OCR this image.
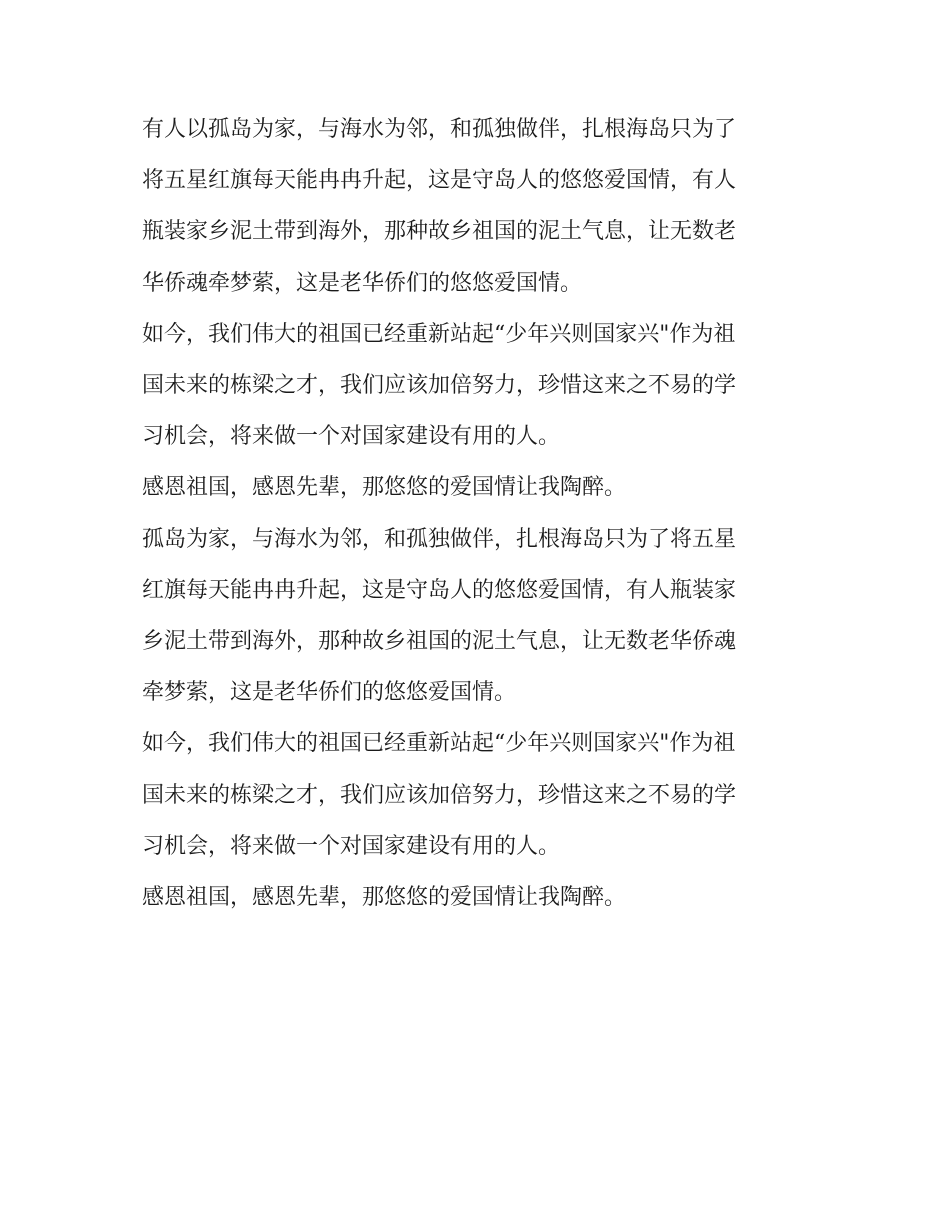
有人以孤岛为家，与海水为邻，和孤独做伴，扎根海岛只为了
将五星红旗每天能冉冉升起，这是守岛人的悠悠爱国情，有人
瓶装家乡泥土带到海外，那种故乡祖国的泥土气息，让无数老
华侨魂牵梦萦，这是老华侨们的悠悠爱国情。

如今，我们伟大的祖国已经重新站起“少年兴则国家兴"作为祖
国未来的栋梁之才，我们应该加倍努力，珍惜这来之不易的学
习机会，将来做一个对国家建设有用的人。

感恩祖国，感恩先辈，那悠悠的爱国情让我陶醉。

孤岛为家，与海水为邻，和孤独做伴，扎根海岛只为了将五星
红旗每天能冉冉升起，这是守岛人的悠悠爱国情，有人瓶装家
乡泥土带到海外，那种故乡祖国的泥土气息，让无数老华侨魂
牵梦萦，这是老华侨们的悠悠爱国情。

如今，我们伟大的祖国已经重新站起“少年兴则国家兴"作为祖
国未来的栋梁之才，我们应该加倍努力，珍惜这来之不易的学
习机会，将来做一个对国家建设有用的人。

感恩祖国，感恩先辈，那悠悠的爱国情让我陶醉。
